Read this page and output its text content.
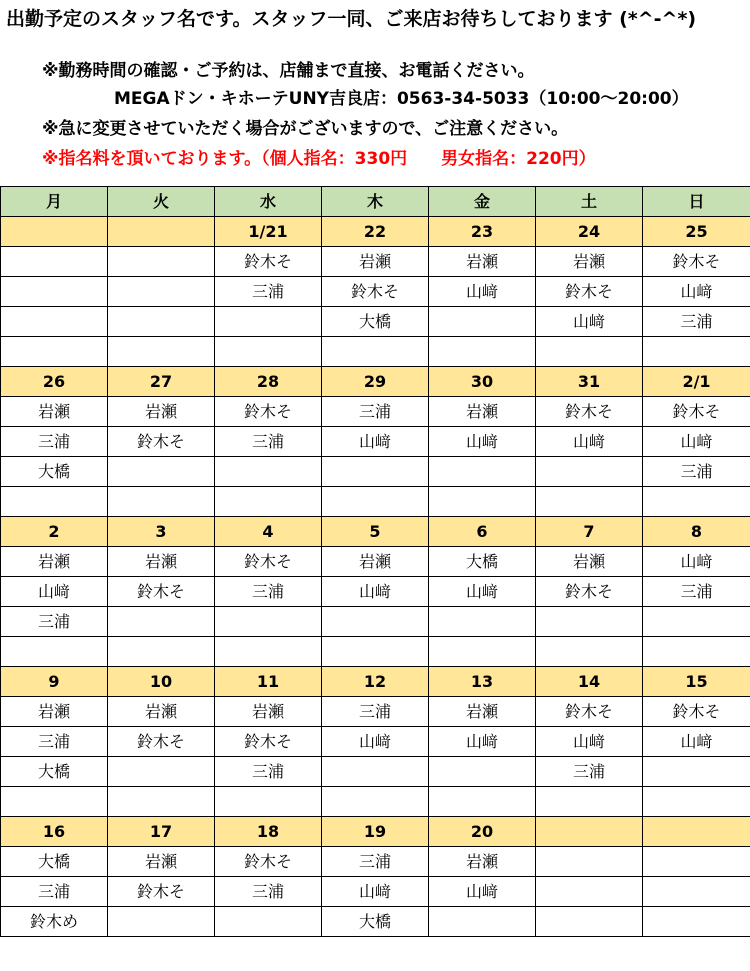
出勤予定のスタッフ名です。スタッフ一同、ご来店お待ちしております (*^-^*)
※勤務時間の確認・ご予約は、店舗まで直接、お電話ください。
MEGAドン・キホーテUNY吉良店：0563-34-5033（10:00〜20:00）
※急に変更させていただく場合がございますので、ご注意ください。
※指名料を頂いております。（個人指名：330円　　男女指名：220円）
月	火	水	木	金	土	日
		1/21	22	23	24	25
		鈴木そ	岩瀬	岩瀬	岩瀬	鈴木そ
		三浦	鈴木そ	山﨑	鈴木そ	山﨑
			大橋		山﨑	三浦

26	27	28	29	30	31	2/1
岩瀬	岩瀬	鈴木そ	三浦	岩瀬	鈴木そ	鈴木そ
三浦	鈴木そ	三浦	山﨑	山﨑	山﨑	山﨑
大橋						三浦

2	3	4	5	6	7	8
岩瀬	岩瀬	鈴木そ	岩瀬	大橋	岩瀬	山﨑
山﨑	鈴木そ	三浦	山﨑	山﨑	鈴木そ	三浦
三浦						

9	10	11	12	13	14	15
岩瀬	岩瀬	岩瀬	三浦	岩瀬	鈴木そ	鈴木そ
三浦	鈴木そ	鈴木そ	山﨑	山﨑	山﨑	山﨑
大橋		三浦			三浦	

16	17	18	19	20		
大橋	岩瀬	鈴木そ	三浦	岩瀬		
三浦	鈴木そ	三浦	山﨑	山﨑		
鈴木め			大橋			
